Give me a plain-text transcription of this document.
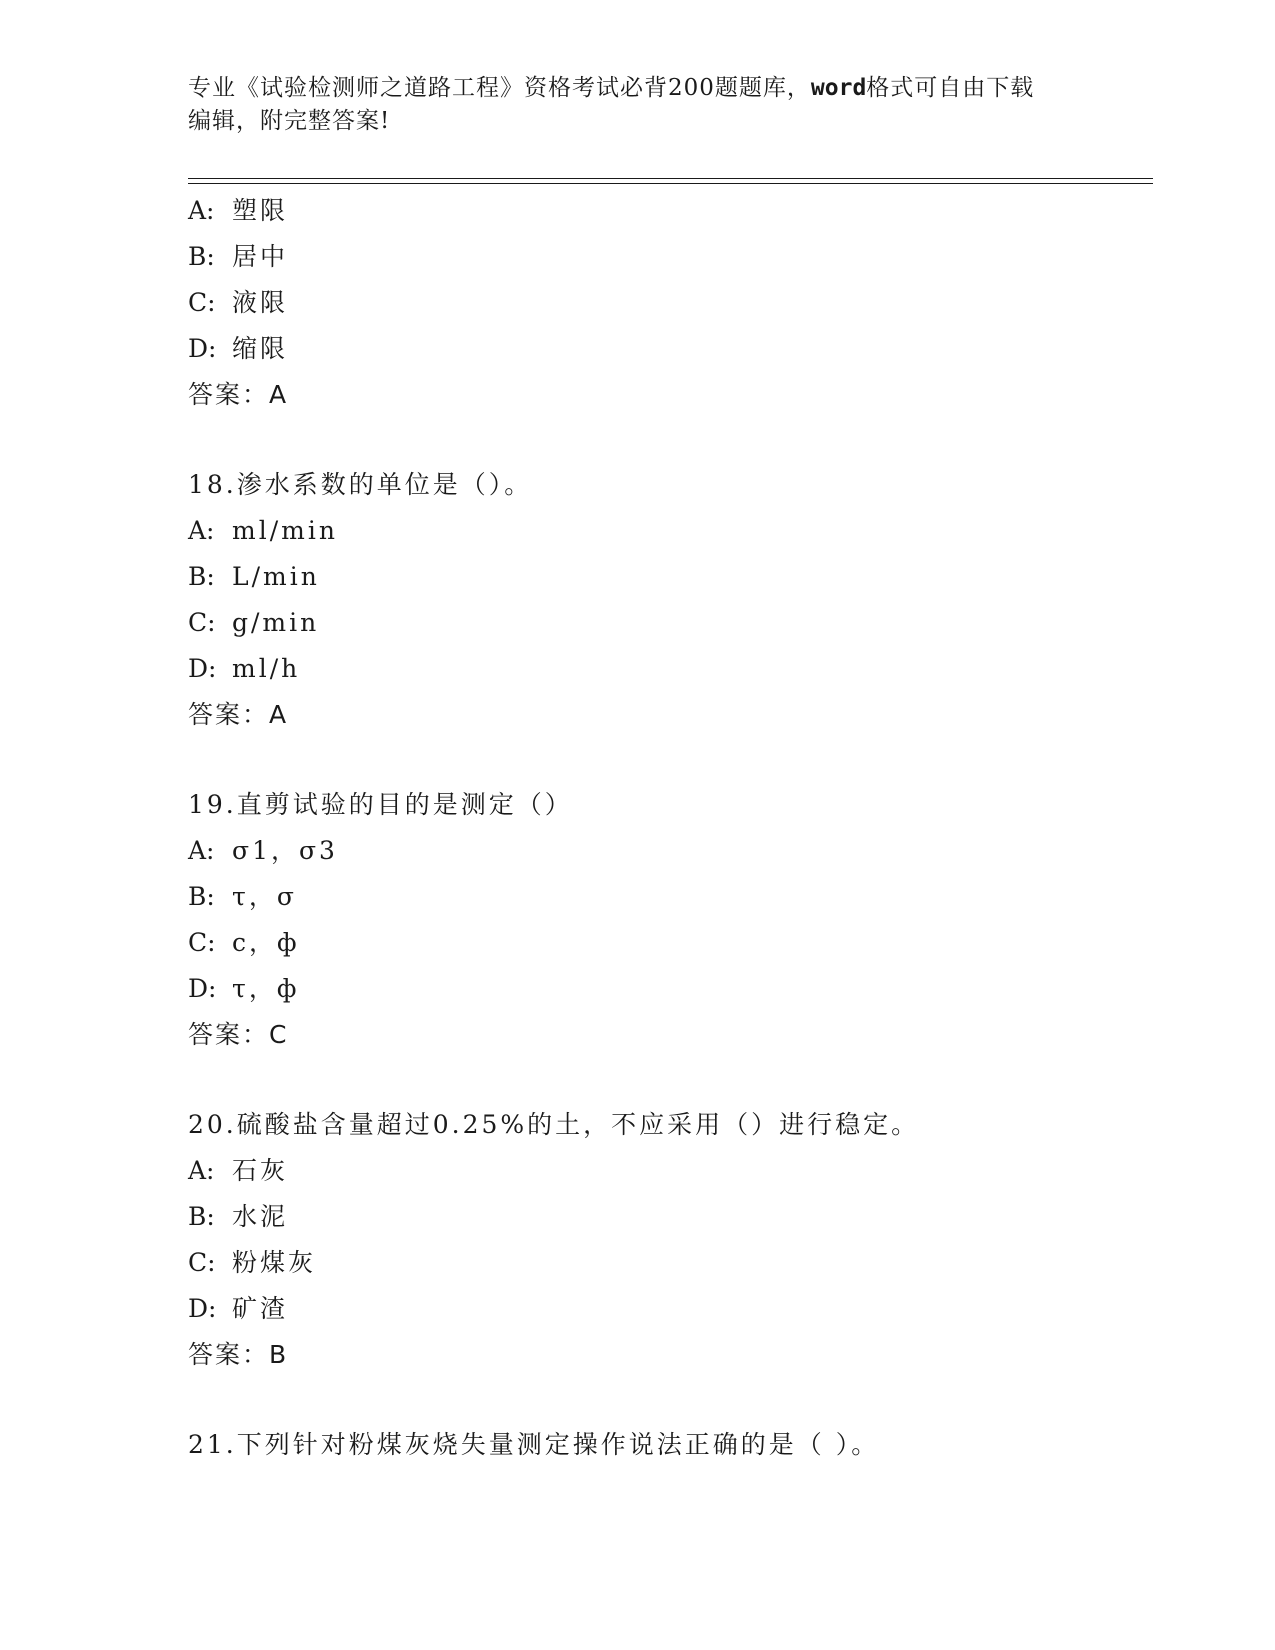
专业《试验检测师之道路工程》资格考试必背200题题库，word格式可自由下载
编辑，附完整答案!
A: 塑限
B: 居中
C: 液限
D: 缩限
答案：A
18.渗水系数的单位是（）。
A: ml/min
B: L/min
C: g/min
D: ml/h
答案：A
19.直剪试验的目的是测定（）
A: σ1，σ3
B: τ，σ
C: c，ф
D: τ，ф
答案：C
20.硫酸盐含量超过0.25%的土，不应采用（）进行稳定。
A: 石灰
B: 水泥
C: 粉煤灰
D: 矿渣
答案：B
21.下列针对粉煤灰烧失量测定操作说法正确的是（ ）。
